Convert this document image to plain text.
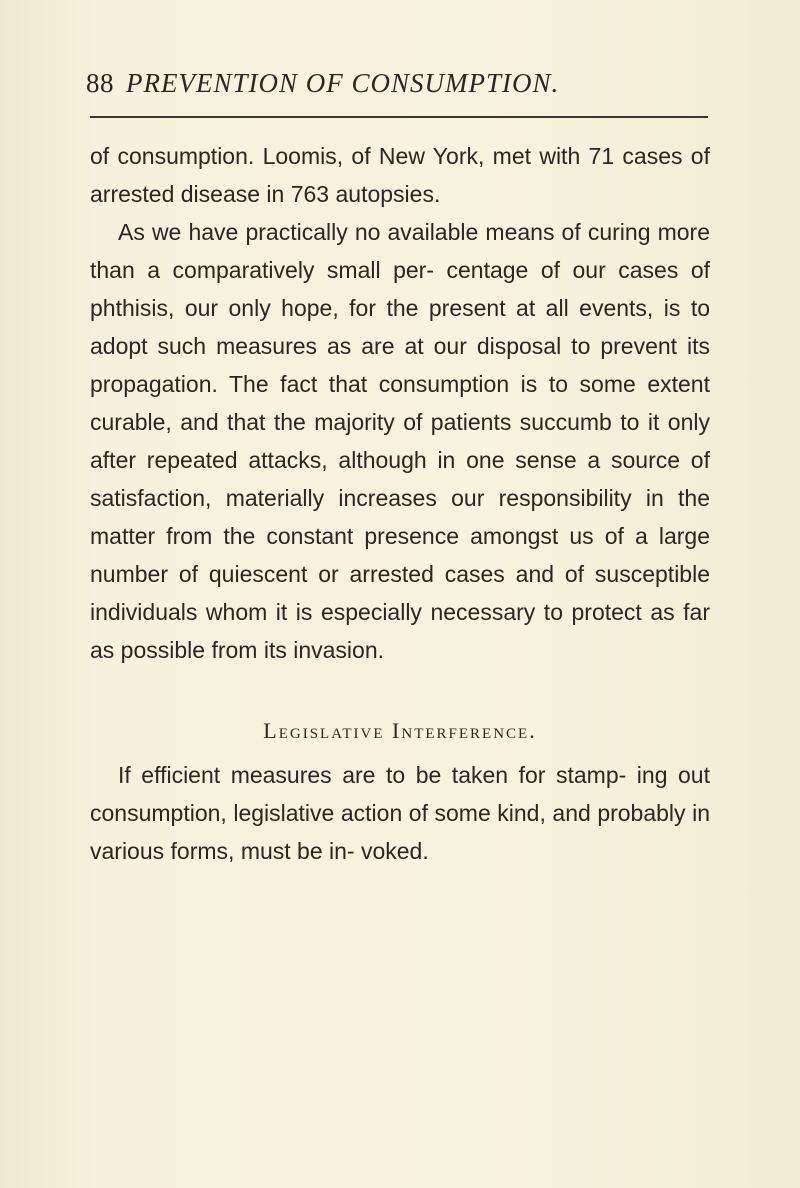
88 PREVENTION OF CONSUMPTION.

of consumption. Loomis, of New York, met with 71 cases of arrested disease in 763 autopsies.

As we have practically no available means of curing more than a comparatively small per- centage of our cases of phthisis, our only hope, for the present at all events, is to adopt such measures as are at our disposal to prevent its propagation. The fact that consumption is to some extent curable, and that the majority of patients succumb to it only after repeated attacks, although in one sense a source of satisfaction, materially increases our responsibility in the matter from the constant presence amongst us of a large number of quiescent or arrested cases and of susceptible individuals whom it is especially necessary to protect as far as possible from its invasion.

Legislative Interference.

If efficient measures are to be taken for stamp- ing out consumption, legislative action of some kind, and probably in various forms, must be in- voked.
